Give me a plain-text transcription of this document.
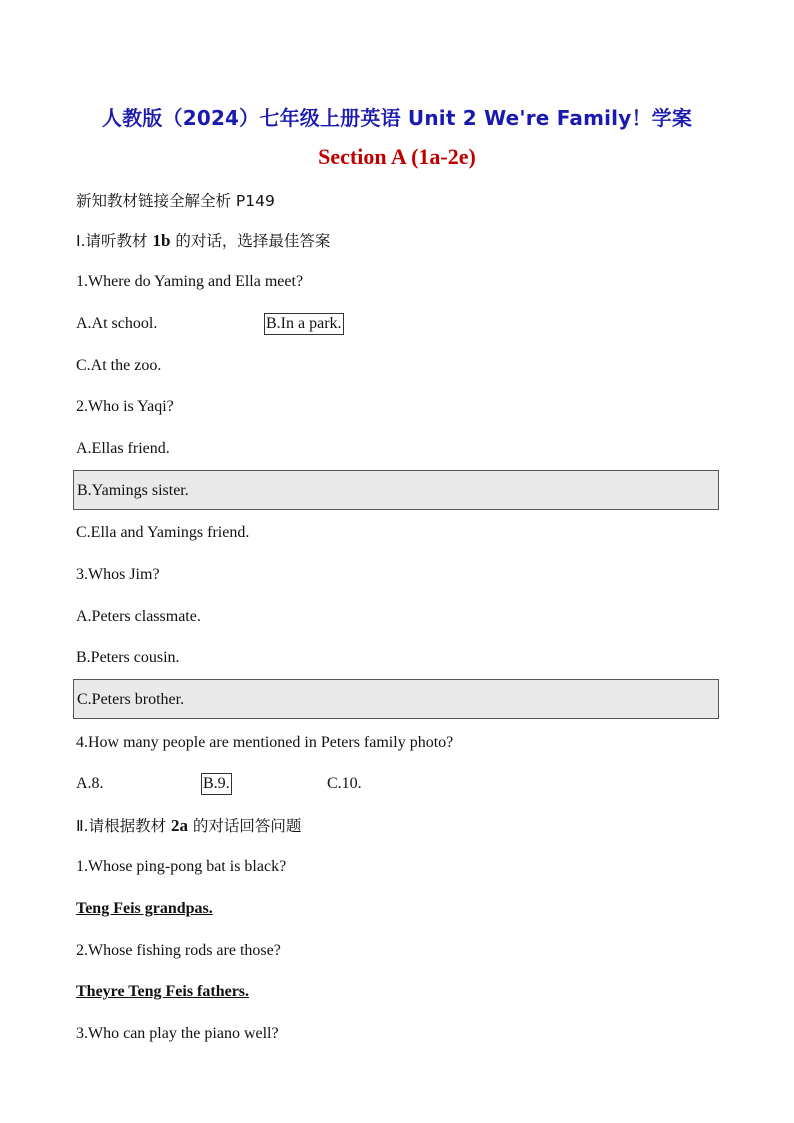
人教版（2024）七年级上册英语 Unit 2 We're Family！学案
Section A (1a-2e)
新知教材链接全解全析 P149
Ⅰ.请听教材 1b 的对话，选择最佳答案
1.Where do Yaming and Ella meet?
A.At school.	B.In a park.
C.At the zoo.
2.Who is Yaqi?
A.Ellas friend.
B.Yamings sister.
C.Ella and Yamings friend.
3.Whos Jim?
A.Peters classmate.
B.Peters cousin.
C.Peters brother.
4.How many people are mentioned in Peters family photo?
A.8.	B.9.	C.10.
Ⅱ.请根据教材 2a 的对话回答问题
1.Whose ping-pong bat is black?
Teng Feis grandpas.
2.Whose fishing rods are those?
Theyre Teng Feis fathers.
3.Who can play the piano well?
